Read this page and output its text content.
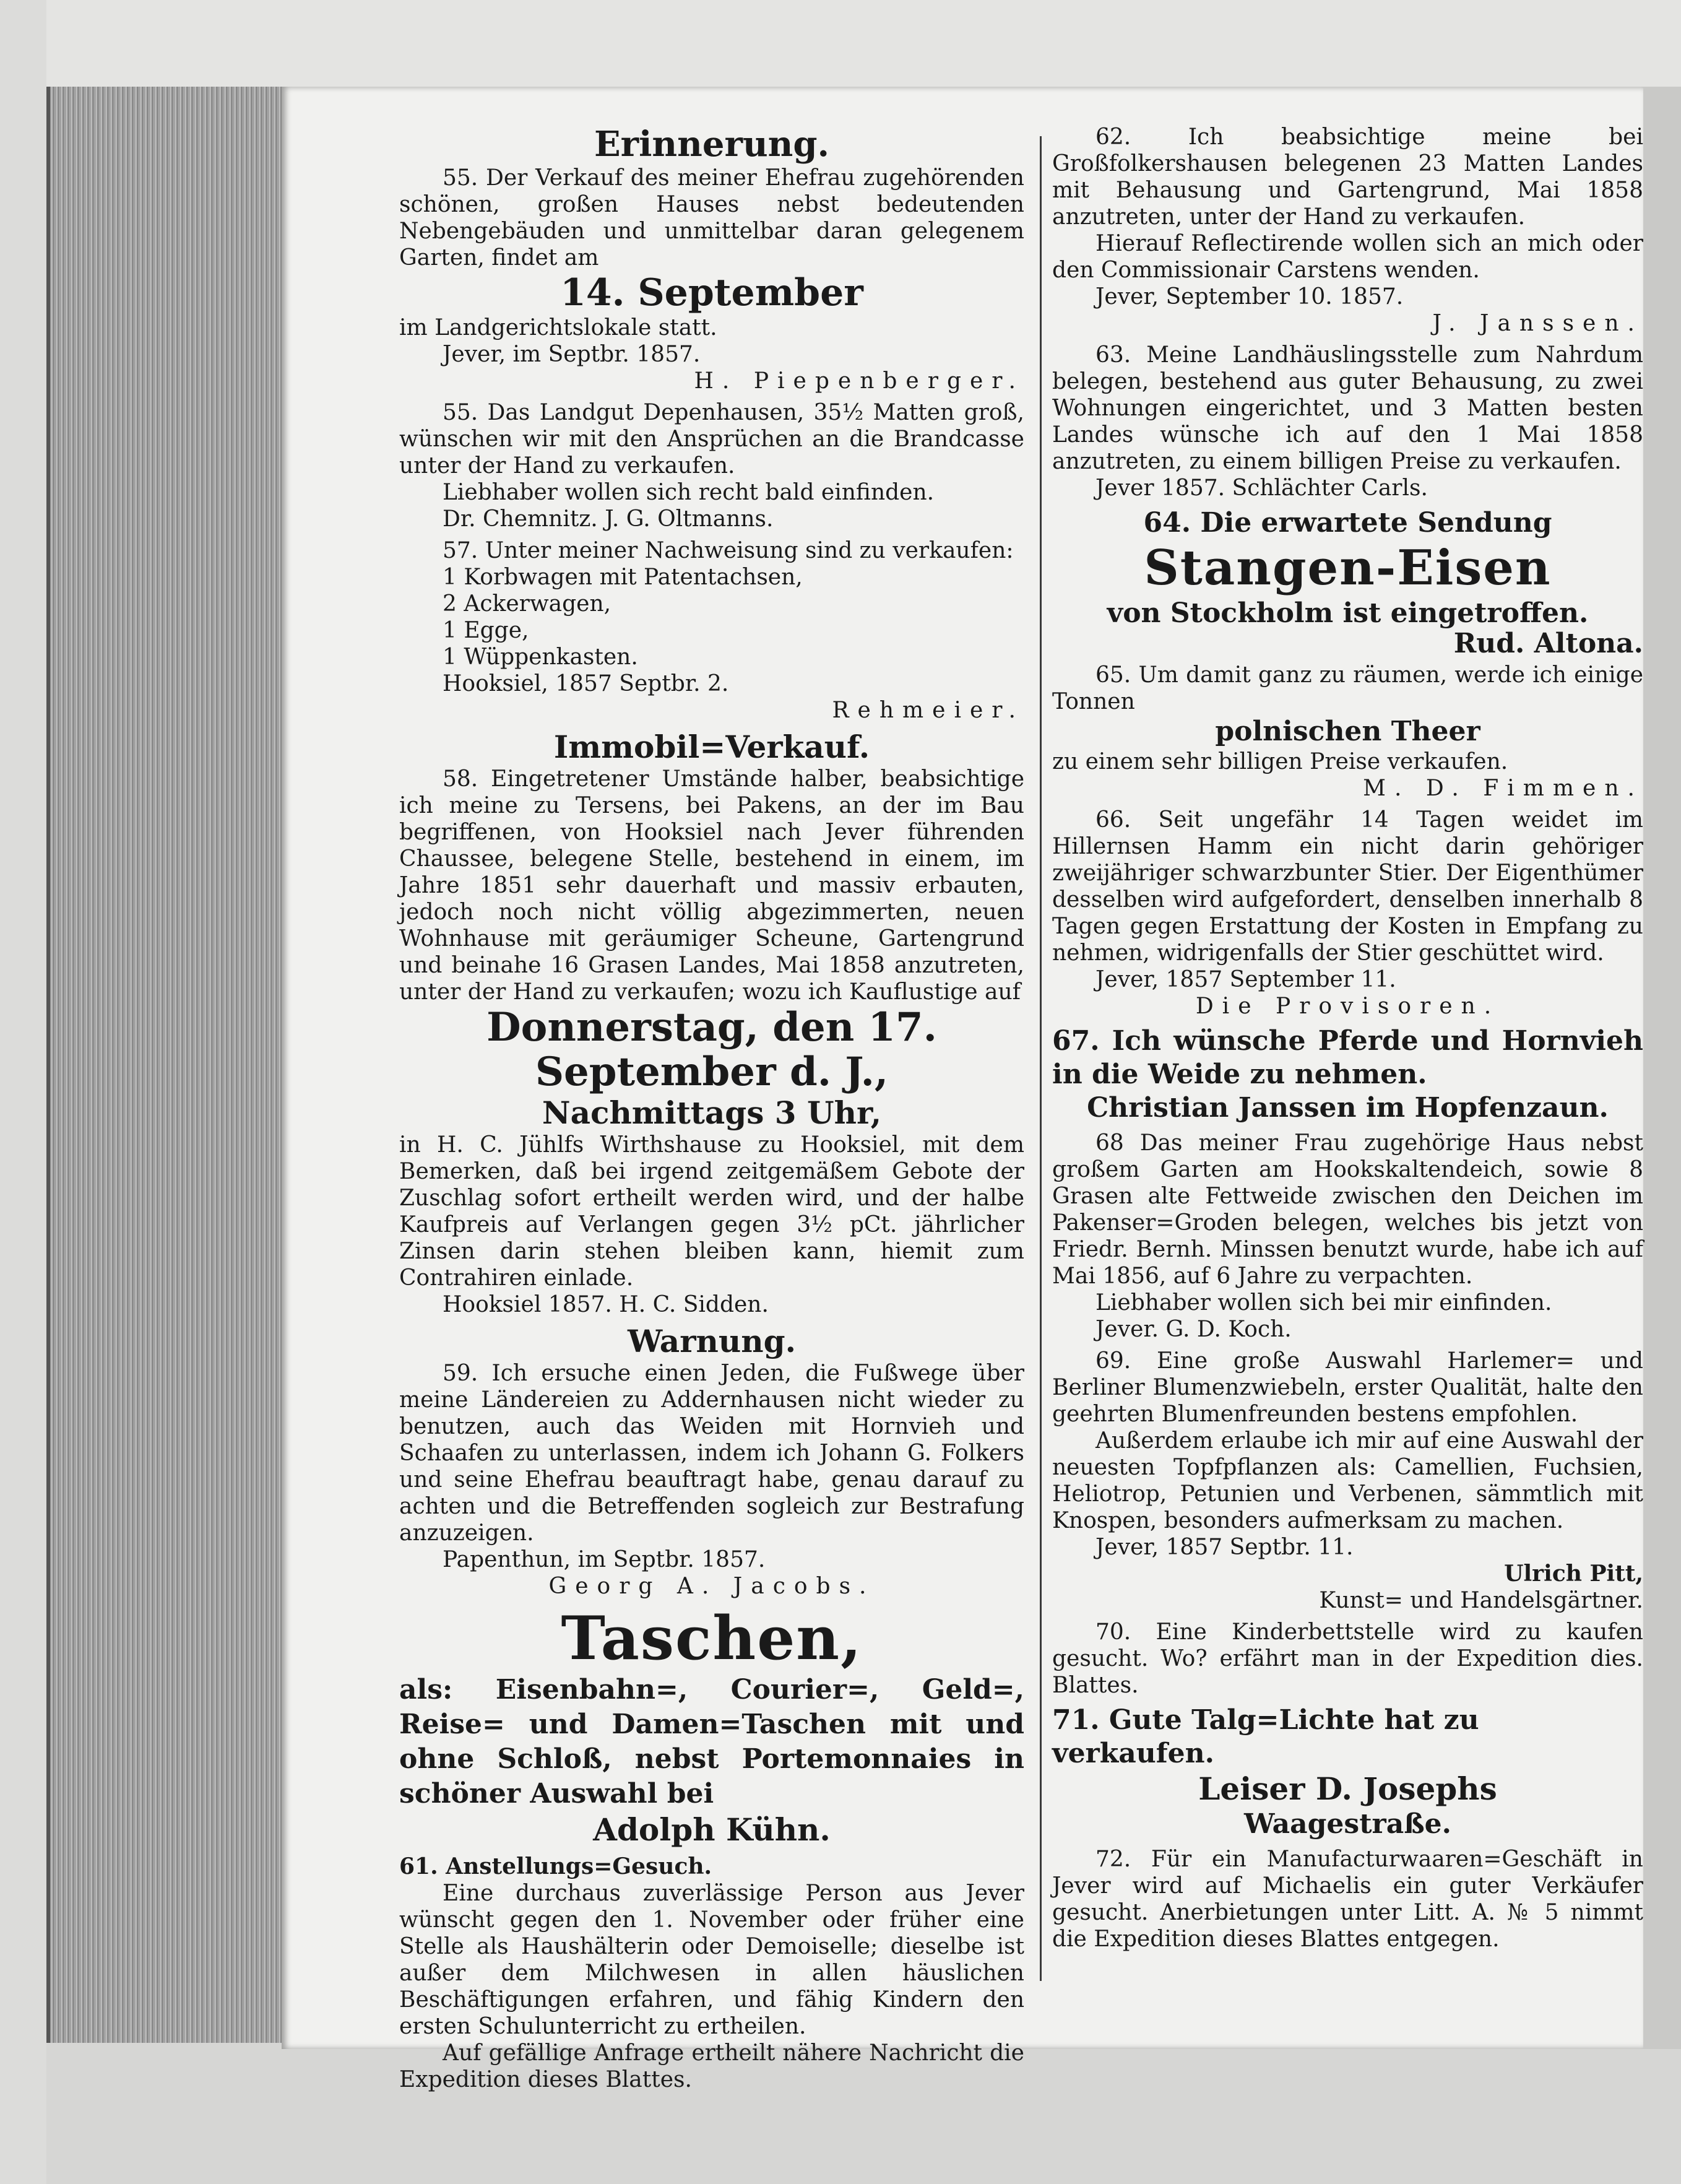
Erinnerung.

55. Der Verkauf des meiner Ehefrau zugehörenden schönen, großen Hauses nebst bedeutenden Nebengebäuden und unmittelbar daran gelegenem Garten, findet am

14. September

im Landgerichtslokale statt.

Jever, im Septbr. 1857.

H. Piepenberger.

55. Das Landgut Depenhausen, 35½ Matten groß, wünschen wir mit den Ansprüchen an die Brandcasse unter der Hand zu verkaufen.

Liebhaber wollen sich recht bald einfinden.

Dr. Chemnitz. J. G. Oltmanns.

57. Unter meiner Nachweisung sind zu verkaufen:

1 Korbwagen mit Patentachsen,

2 Ackerwagen,

1 Egge,

1 Wüppenkasten.

Hooksiel, 1857 Septbr. 2.

Rehmeier.

Immobil=Verkauf.

58. Eingetretener Umstände halber, beabsichtige ich meine zu Tersens, bei Pakens, an der im Bau begriffenen, von Hooksiel nach Jever führenden Chaussee, belegene Stelle, bestehend in einem, im Jahre 1851 sehr dauerhaft und massiv erbauten, jedoch noch nicht völlig abgezimmerten, neuen Wohnhause mit geräumiger Scheune, Gartengrund und beinahe 16 Grasen Landes, Mai 1858 anzutreten, unter der Hand zu verkaufen; wozu ich Kauflustige auf

Donnerstag, den 17. September d. J.,

Nachmittags 3 Uhr,

in H. C. Jühlfs Wirthshause zu Hooksiel, mit dem Bemerken, daß bei irgend zeitgemäßem Gebote der Zuschlag sofort ertheilt werden wird, und der halbe Kaufpreis auf Verlangen gegen 3½ pCt. jährlicher Zinsen darin stehen bleiben kann, hiemit zum Contrahiren einlade.

Hooksiel 1857. H. C. Sidden.

Warnung.

59. Ich ersuche einen Jeden, die Fußwege über meine Ländereien zu Addernhausen nicht wieder zu benutzen, auch das Weiden mit Hornvieh und Schaafen zu unterlassen, indem ich Johann G. Folkers und seine Ehefrau beauftragt habe, genau darauf zu achten und die Betreffenden sogleich zur Bestrafung anzuzeigen.

Papenthun, im Septbr. 1857.

Georg A. Jacobs.

Taschen,

als: Eisenbahn=, Courier=, Geld=, Reise= und Damen=Taschen mit und ohne Schloß, nebst Portemonnaies in schöner Auswahl bei

Adolph Kühn.

61. Anstellungs=Gesuch.

Eine durchaus zuverlässige Person aus Jever wünscht gegen den 1. November oder früher eine Stelle als Haushälterin oder Demoiselle; dieselbe ist außer dem Milchwesen in allen häuslichen Beschäftigungen erfahren, und fähig Kindern den ersten Schulunterricht zu ertheilen.

Auf gefällige Anfrage ertheilt nähere Nachricht die Expedition dieses Blattes.

62. Ich beabsichtige meine bei Großfolkershausen belegenen 23 Matten Landes mit Behausung und Gartengrund, Mai 1858 anzutreten, unter der Hand zu verkaufen.

Hierauf Reflectirende wollen sich an mich oder den Commissionair Carstens wenden.

Jever, September 10. 1857.

J. Janssen.

63. Meine Landhäuslingsstelle zum Nahrdum belegen, bestehend aus guter Behausung, zu zwei Wohnungen eingerichtet, und 3 Matten besten Landes wünsche ich auf den 1 Mai 1858 anzutreten, zu einem billigen Preise zu verkaufen.

Jever 1857. Schlächter Carls.

64. Die erwartete Sendung

Stangen-Eisen

von Stockholm ist eingetroffen.

Rud. Altona.

65. Um damit ganz zu räumen, werde ich einige Tonnen

polnischen Theer

zu einem sehr billigen Preise verkaufen.

M. D. Fimmen.

66. Seit ungefähr 14 Tagen weidet im Hillernsen Hamm ein nicht darin gehöriger zweijähriger schwarzbunter Stier. Der Eigenthümer desselben wird aufgefordert, denselben innerhalb 8 Tagen gegen Erstattung der Kosten in Empfang zu nehmen, widrigenfalls der Stier geschüttet wird.

Jever, 1857 September 11.

Die Provisoren.

67. Ich wünsche Pferde und Hornvieh in die Weide zu nehmen.

Christian Janssen im Hopfenzaun.

68 Das meiner Frau zugehörige Haus nebst großem Garten am Hookskaltendeich, sowie 8 Grasen alte Fettweide zwischen den Deichen im Pakenser=Groden belegen, welches bis jetzt von Friedr. Bernh. Minssen benutzt wurde, habe ich auf Mai 1856, auf 6 Jahre zu verpachten.

Liebhaber wollen sich bei mir einfinden.

Jever. G. D. Koch.

69. Eine große Auswahl Harlemer= und Berliner Blumenzwiebeln, erster Qualität, halte den geehrten Blumenfreunden bestens empfohlen.

Außerdem erlaube ich mir auf eine Auswahl der neuesten Topfpflanzen als: Camellien, Fuchsien, Heliotrop, Petunien und Verbenen, sämmtlich mit Knospen, besonders aufmerksam zu machen.

Jever, 1857 Septbr. 11.

Ulrich Pitt,

Kunst= und Handelsgärtner.

70. Eine Kinderbettstelle wird zu kaufen gesucht. Wo? erfährt man in der Expedition dies. Blattes.

71. Gute Talg=Lichte hat zu verkaufen.

Leiser D. Josephs

Waagestraße.

72. Für ein Manufacturwaaren=Geschäft in Jever wird auf Michaelis ein guter Verkäufer gesucht. Anerbietungen unter Litt. A. № 5 nimmt die Expedition dieses Blattes entgegen.
